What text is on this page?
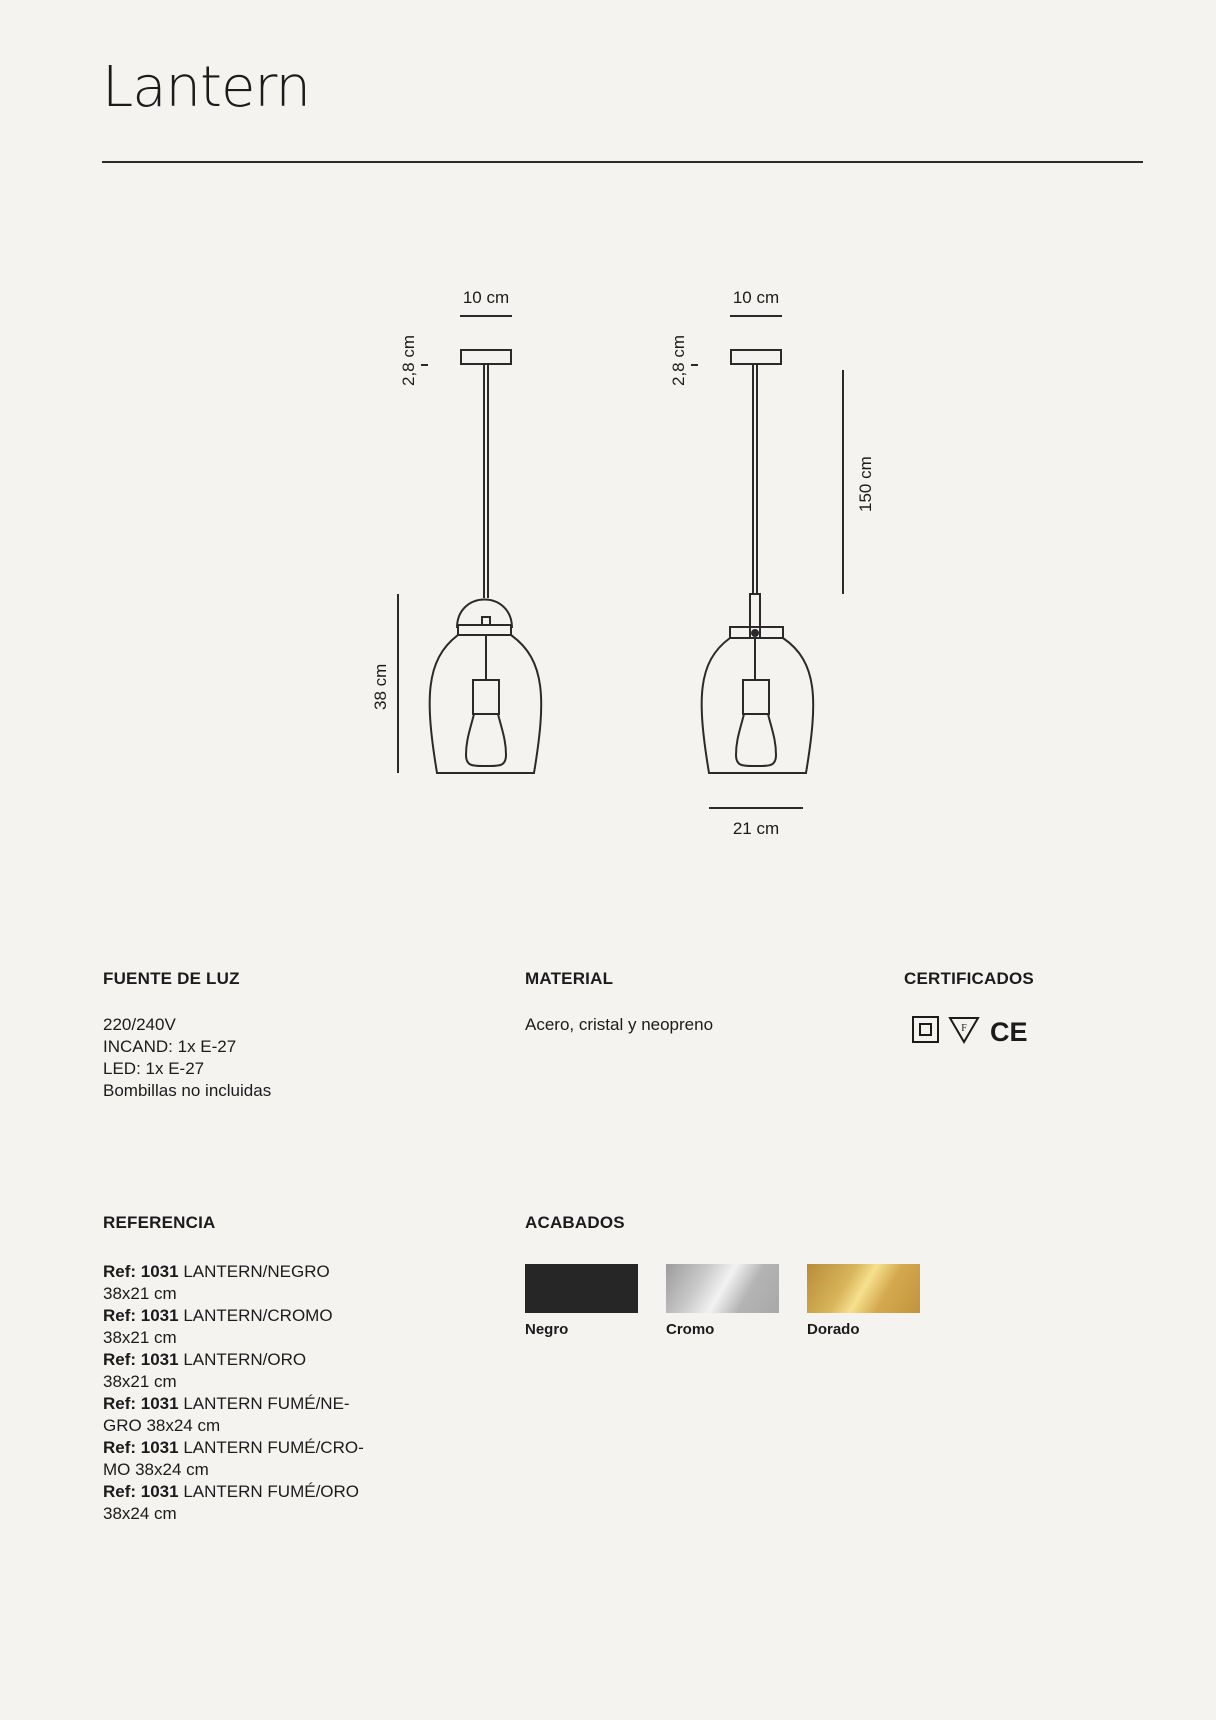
Lantern
10 cm
2,8 cm
38 cm
10 cm
2,8 cm
150 cm
21 cm
FUENTE DE LUZ
220/240V
INCAND: 1x E-27
LED: 1x E-27
Bombillas no incluidas
MATERIAL
Acero, cristal y neopreno
CERTIFICADOS
F CE
REFERENCIA
Ref: 1031 LANTERN/NEGRO
38x21 cm
Ref: 1031 LANTERN/CROMO
38x21 cm
Ref: 1031 LANTERN/ORO
38x21 cm
Ref: 1031 LANTERN FUMÉ/NE-
GRO 38x24 cm
Ref: 1031 LANTERN FUMÉ/CRO-
MO 38x24 cm
Ref: 1031 LANTERN FUMÉ/ORO
38x24 cm
ACABADOS
Negro	Cromo	Dorado
